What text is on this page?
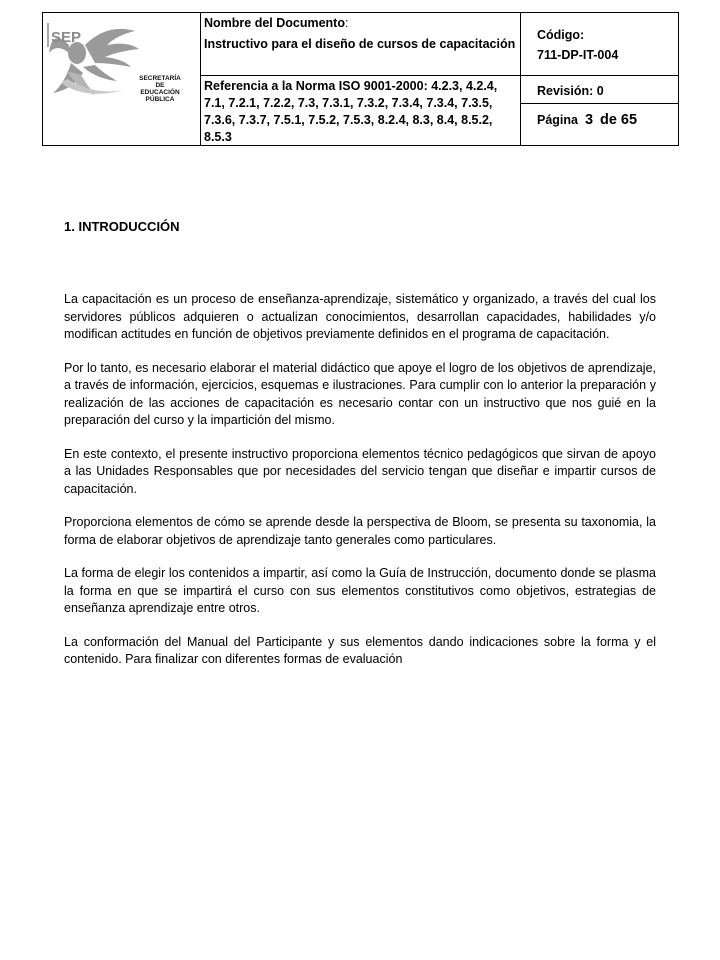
SECRETARÍA DE
EDUCACIÓN
PÚBLICA
SEP
Nombre del Documento:
Instructivo para el diseño de cursos de capacitación
Referencia a la Norma ISO 9001-2000: 4.2.3, 4.2.4, 7.1, 7.2.1, 7.2.2, 7.3, 7.3.1, 7.3.2, 7.3.4, 7.3.4, 7.3.5, 7.3.6, 7.3.7, 7.5.1, 7.5.2, 7.5.3, 8.2.4, 8.3, 8.4, 8.5.2, 8.5.3
Código:
711-DP-IT-004
Revisión: 0
Página 3 de 65
1. INTRODUCCIÓN

La capacitación es un proceso de enseñanza-aprendizaje, sistemático y organizado, a través del cual los servidores públicos adquieren o actualizan conocimientos, desarrollan capacidades, habilidades y/o modifican actitudes en función de objetivos previamente definidos en el programa de capacitación.

Por lo tanto, es necesario elaborar el material didáctico que apoye el logro de los objetivos de aprendizaje, a través de información, ejercicios, esquemas e ilustraciones. Para cumplir con lo anterior la preparación y realización de las acciones de capacitación es necesario contar con un instructivo que nos guié en la preparación del curso y la impartición del mismo.

En este contexto, el presente instructivo proporciona elementos técnico pedagógicos que sirvan de apoyo a las Unidades Responsables que por necesidades del servicio tengan que diseñar e impartir cursos de capacitación.

Proporciona elementos de cómo se aprende desde la perspectiva de Bloom, se presenta su taxonomia, la forma de elaborar objetivos de aprendizaje tanto generales como particulares.

La forma de elegir los contenidos a impartir, así como la Guía de Instrucción, documento donde se plasma la forma en que se impartirá el curso con sus elementos constitutivos como objetivos, estrategias de enseñanza aprendizaje entre otros.

La conformación del Manual del Participante y sus elementos dando indicaciones sobre la forma y el contenido. Para finalizar con diferentes formas de evaluación
